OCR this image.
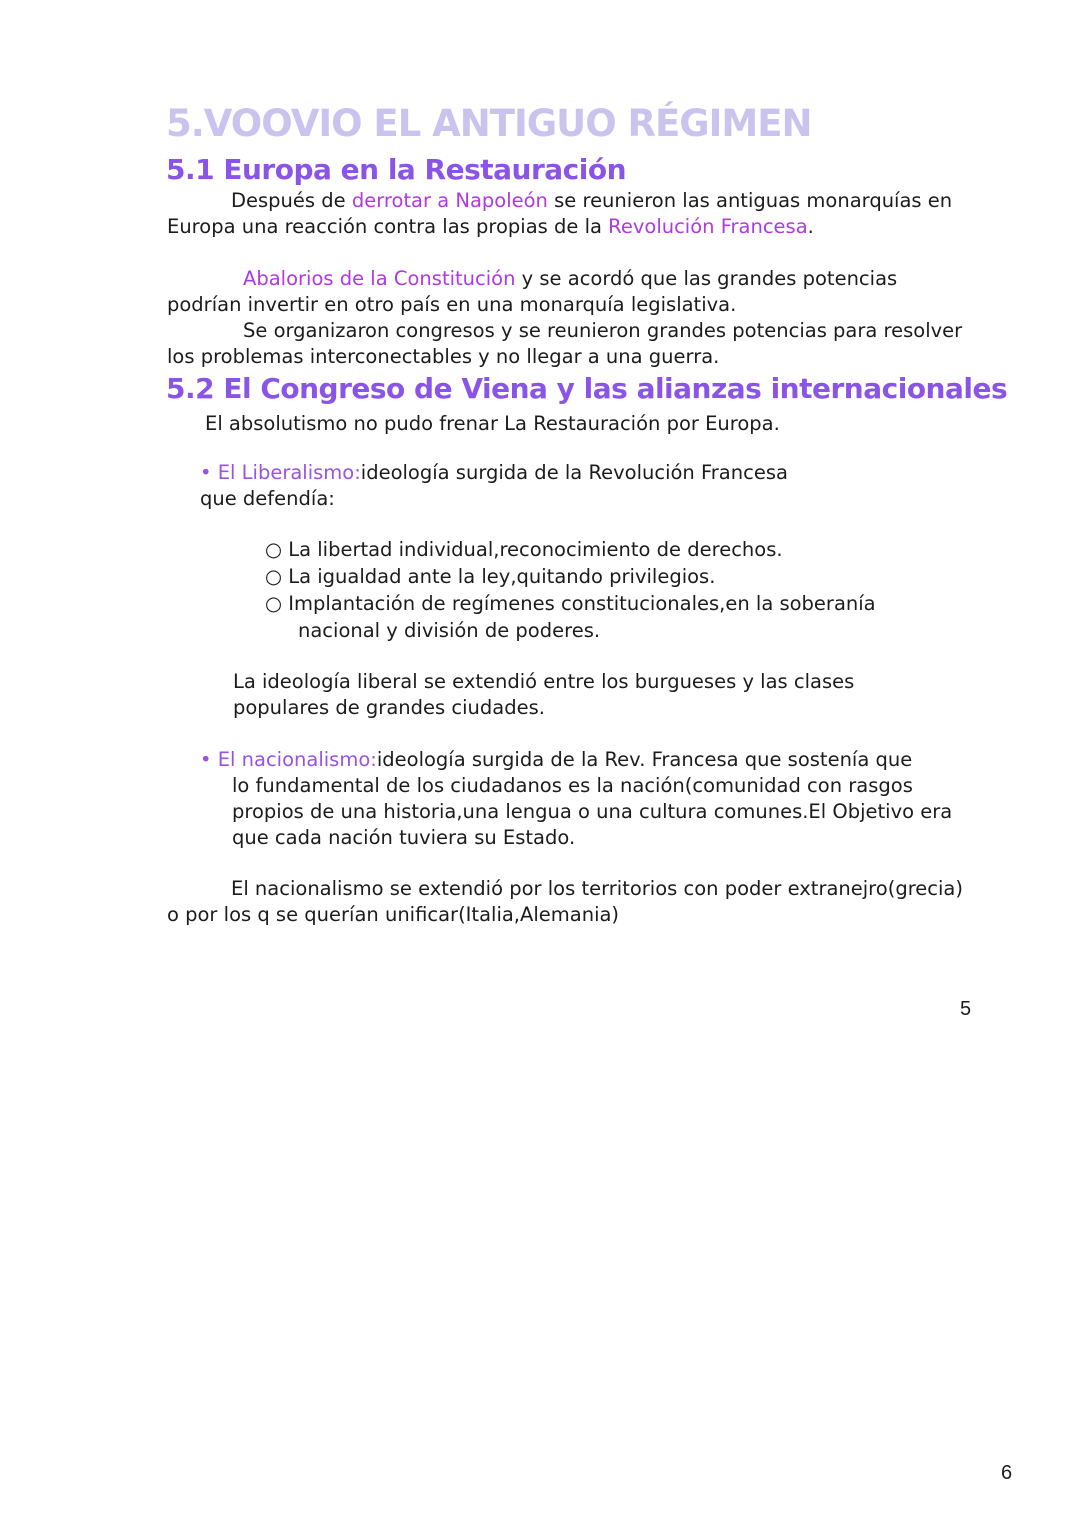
5.VOOVIO EL ANTIGUO RÉGIMEN
5.1 Europa en la Restauración

Después de derrotar a Napoleón se reunieron las antiguas monarquías en Europa una reacción contra las propias de la Revolución Francesa.

Abalorios de la Constitución y se acordó que las grandes potencias podrían invertir en otro país en una monarquía legislativa.

Se organizaron congresos y se reunieron grandes potencias para resolver los problemas interconectables y no llegar a una guerra.

5.2 El Congreso de Viena y las alianzas internacionales

El absolutismo no pudo frenar La Restauración por Europa.

• El Liberalismo:ideología surgida de la Revolución Francesa
que defendía:

○ La libertad individual,reconocimiento de derechos.

○ La igualdad ante la ley,quitando privilegios.

○ Implantación de regímenes constitucionales,en la soberanía
nacional y división de poderes.

La ideología liberal se extendió entre los burgueses y las clases populares de grandes ciudades.

• El nacionalismo:ideología surgida de la Rev. Francesa que sostenía que
lo fundamental de los ciudadanos es la nación(comunidad con rasgos propios de una historia,una lengua o una cultura comunes.El Objetivo era que cada nación tuviera su Estado.

El nacionalismo se extendió por los territorios con poder extranejro(grecia) o por los q se querían unificar(Italia,Alemania)

5
6
